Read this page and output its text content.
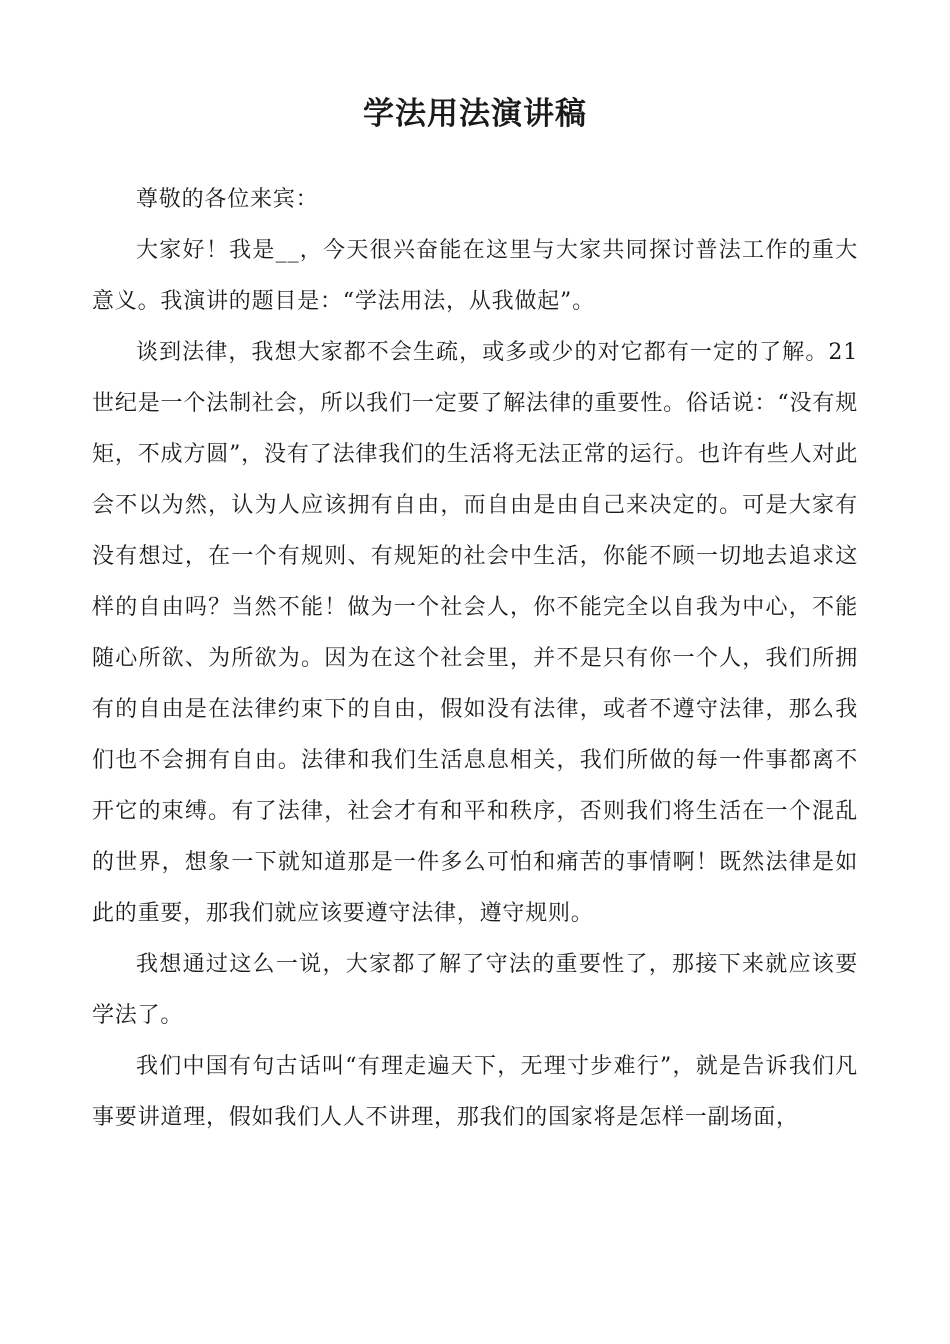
学法用法演讲稿

尊敬的各位来宾：

大家好！我是__，今天很兴奋能在这里与大家共同探讨普法工作的重大意义。我演讲的题目是：“学法用法，从我做起”。

谈到法律，我想大家都不会生疏，或多或少的对它都有一定的了解。21世纪是一个法制社会，所以我们一定要了解法律的重要性。俗话说：“没有规矩，不成方圆”，没有了法律我们的生活将无法正常的运行。也许有些人对此会不以为然，认为人应该拥有自由，而自由是由自己来决定的。可是大家有没有想过，在一个有规则、有规矩的社会中生活，你能不顾一切地去追求这样的自由吗？当然不能！做为一个社会人，你不能完全以自我为中心，不能随心所欲、为所欲为。因为在这个社会里，并不是只有你一个人，我们所拥有的自由是在法律约束下的自由，假如没有法律，或者不遵守法律，那么我们也不会拥有自由。法律和我们生活息息相关，我们所做的每一件事都离不开它的束缚。有了法律，社会才有和平和秩序，否则我们将生活在一个混乱的世界，想象一下就知道那是一件多么可怕和痛苦的事情啊！既然法律是如此的重要，那我们就应该要遵守法律，遵守规则。

我想通过这么一说，大家都了解了守法的重要性了，那接下来就应该要学法了。

我们中国有句古话叫“有理走遍天下，无理寸步难行”，就是告诉我们凡事要讲道理，假如我们人人不讲理，那我们的国家将是怎样一副场面，
